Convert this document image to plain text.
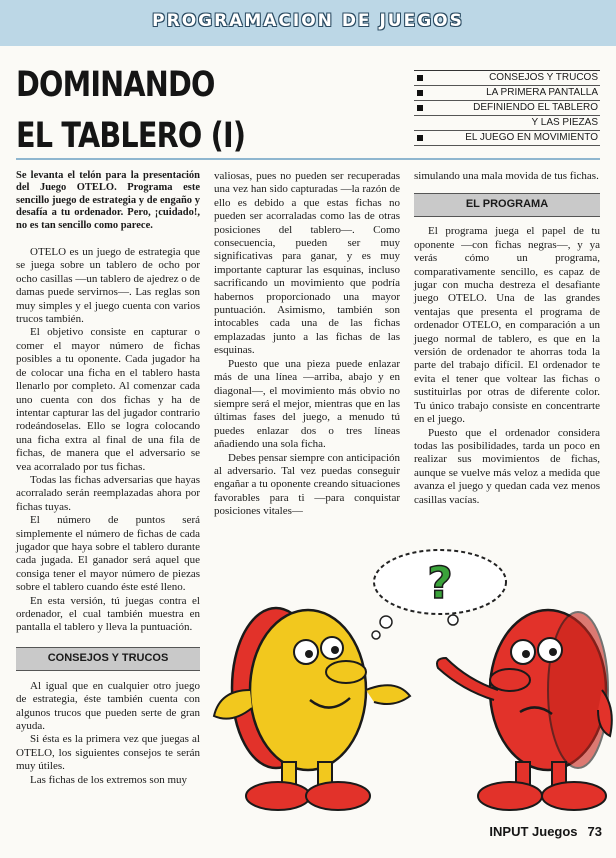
PROGRAMACION DE JUEGOS
DOMINANDO
EL TABLERO (I)
CONSEJOS Y TRUCOS
LA PRIMERA PANTALLA
DEFINIENDO EL TABLERO
Y LAS PIEZAS
EL JUEGO EN MOVIMIENTO

Se levanta el telón para la presentación del Juego OTELO. Programa este sencillo juego de estrategia y de engaño y desafía a tu ordenador. Pero, ¡cuidado!, no es tan sencillo como parece.

OTELO es un juego de estrategia que se juega sobre un tablero de ocho por ocho casillas —un tablero de ajedrez o de damas puede servirnos—. Las reglas son muy simples y el juego cuenta con varios trucos también.

El objetivo consiste en capturar o comer el mayor número de fichas posibles a tu oponente. Cada jugador ha de colocar una ficha en el tablero hasta llenarlo por completo. Al comenzar cada uno cuenta con dos fichas y ha de intentar capturar las del jugador contrario rodeándoselas. Ello se logra colocando una ficha extra al final de una fila de fichas, de manera que el adversario se vea acorralado por tus fichas.

Todas las fichas adversarias que hayas acorralado serán reemplazadas ahora por fichas tuyas.

El número de puntos será simplemente el número de fichas de cada jugador que haya sobre el tablero durante cada jugada. El ganador será aquel que consiga tener el mayor número de piezas sobre el tablero cuando éste esté lleno.

En esta versión, tú juegas contra el ordenador, el cual también muestra en pantalla el tablero y lleva la puntuación.

CONSEJOS Y TRUCOS

Al igual que en cualquier otro juego de estrategia, éste también cuenta con algunos trucos que pueden serte de gran ayuda.

Si ésta es la primera vez que juegas al OTELO, los siguientes consejos te serán muy útiles.

Las fichas de los extremos son muy

valiosas, pues no pueden ser recuperadas una vez han sido capturadas —la razón de ello es debido a que estas fichas no pueden ser acorraladas como las de otras posiciones del tablero—. Como consecuencia, pueden ser muy significativas para ganar, y es muy importante capturar las esquinas, incluso sacrificando un movimiento que podría habernos proporcionado una mayor puntuación. Asimismo, también son intocables cada una de las fichas emplazadas junto a las fichas de las esquinas.

Puesto que una pieza puede enlazar más de una línea —arriba, abajo y en diagonal—, el movimiento más obvio no siempre será el mejor, mientras que en las últimas fases del juego, a menudo tú puedes enlazar dos o tres líneas añadiendo una sola ficha.

Debes pensar siempre con anticipación al adversario. Tal vez puedas conseguir engañar a tu oponente creando situaciones favorables para ti —para conquistar posiciones vitales—

simulando una mala movida de tus fichas.

EL PROGRAMA

El programa juega el papel de tu oponente —con fichas negras—, y ya verás cómo un programa, comparativamente sencillo, es capaz de jugar con mucha destreza el desafiante juego OTELO. Una de las grandes ventajas que presenta el programa de ordenador OTELO, en comparación a un juego normal de tablero, es que en la versión de ordenador te ahorras toda la parte del trabajo difícil. El ordenador te evita el tener que voltear las fichas o sustituirlas por otras de diferente color. Tu único trabajo consiste en concentrarte en el juego.

Puesto que el ordenador considera todas las posibilidades, tarda un poco en realizar sus movimientos de fichas, aunque se vuelve más veloz a medida que avanza el juego y quedan cada vez menos casillas vacías.

?
INPUT Juegos 73
